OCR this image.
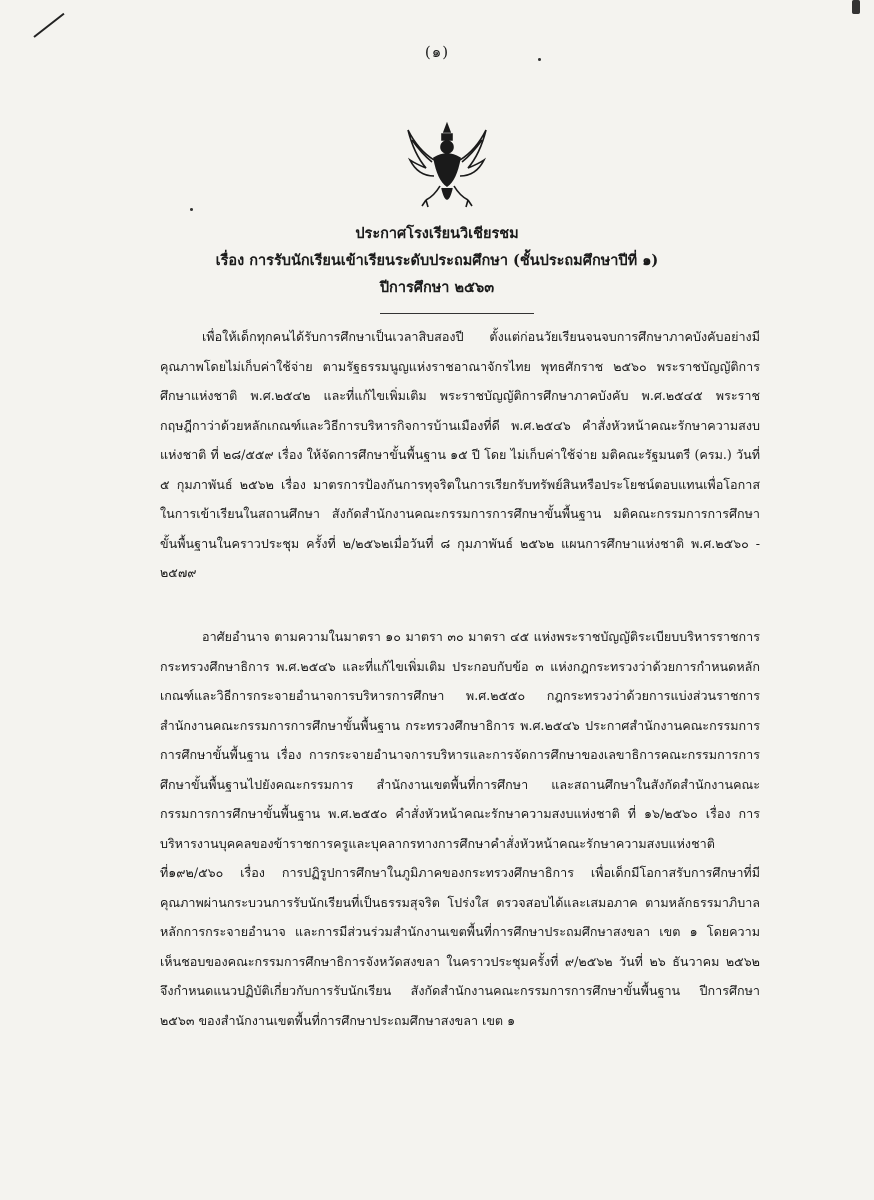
(๑)
ประกาศโรงเรียนวิเชียรชม
เรื่อง การรับนักเรียนเข้าเรียนระดับประถมศึกษา (ชั้นประถมศึกษาปีที่ ๑)
ปีการศึกษา ๒๕๖๓
เพื่อให้เด็กทุกคนได้รับการศึกษาเป็นเวลาสิบสองปี ตั้งแต่ก่อนวัยเรียนจนจบการศึกษาภาคบังคับอย่างมีคุณภาพโดยไม่เก็บค่าใช้จ่าย ตามรัฐธรรมนูญแห่งราชอาณาจักรไทย พุทธศักราช ๒๕๖๐ พระราชบัญญัติการศึกษาแห่งชาติ พ.ศ.๒๕๔๒ และที่แก้ไขเพิ่มเติม พระราชบัญญัติการศึกษาภาคบังคับ พ.ศ.๒๕๔๕ พระราชกฤษฎีกาว่าด้วยหลักเกณฑ์และวิธีการบริหารกิจการบ้านเมืองที่ดี พ.ศ.๒๕๔๖ คำสั่งหัวหน้าคณะรักษาความสงบแห่งชาติ ที่ ๒๘/๕๕๙ เรื่อง ให้จัดการศึกษาขั้นพื้นฐาน ๑๕ ปี โดย ไม่เก็บค่าใช้จ่าย มติคณะรัฐมนตรี (ครม.) วันที่ ๕ กุมภาพันธ์ ๒๕๖๒ เรื่อง มาตรการป้องกันการทุจริตในการเรียกรับทรัพย์สินหรือประโยชน์ตอบแทนเพื่อโอกาสในการเข้าเรียนในสถานศึกษา สังกัดสำนักงานคณะกรรมการการศึกษาขั้นพื้นฐาน มติคณะกรรมการการศึกษาขั้นพื้นฐานในคราวประชุม ครั้งที่ ๒/๒๕๖๒เมื่อวันที่ ๘ กุมภาพันธ์ ๒๕๖๒ แผนการศึกษาแห่งชาติ พ.ศ.๒๕๖๐ - ๒๕๗๙
อาศัยอำนาจ ตามความในมาตรา ๑๐ มาตรา ๓๐ มาตรา ๔๕ แห่งพระราชบัญญัติระเบียบบริหารราชการกระทรวงศึกษาธิการ พ.ศ.๒๕๔๖ และที่แก้ไขเพิ่มเติม ประกอบกับข้อ ๓ แห่งกฎกระทรวงว่าด้วยการกำหนดหลักเกณฑ์และวิธีการกระจายอำนาจการบริหารการศึกษา พ.ศ.๒๕๕๐ กฎกระทรวงว่าด้วยการแบ่งส่วนราชการ สำนักงานคณะกรรมการการศึกษาขั้นพื้นฐาน กระทรวงศึกษาธิการ พ.ศ.๒๕๔๖ ประกาศสำนักงานคณะกรรมการการศึกษาขั้นพื้นฐาน เรื่อง การกระจายอำนาจการบริหารและการจัดการศึกษาของเลขาธิการคณะกรรมการการศึกษาขั้นพื้นฐานไปยังคณะกรรมการ สำนักงานเขตพื้นที่การศึกษา และสถานศึกษาในสังกัดสำนักงานคณะกรรมการการศึกษาขั้นพื้นฐาน พ.ศ.๒๕๕๐ คำสั่งหัวหน้าคณะรักษาความสงบแห่งชาติ ที่ ๑๖/๒๕๖๐ เรื่อง การบริหารงานบุคคลของข้าราชการครูและบุคลากรทางการศึกษาคำสั่งหัวหน้าคณะรักษาความสงบแห่งชาติ ที่๑๙๒/๕๖๐ เรื่อง การปฏิรูปการศึกษาในภูมิภาคของกระทรวงศึกษาธิการ เพื่อเด็กมีโอกาสรับการศึกษาที่มีคุณภาพผ่านกระบวนการรับนักเรียนที่เป็นธรรมสุจริต โปร่งใส ตรวจสอบได้และเสมอภาค ตามหลักธรรมาภิบาล หลักการกระจายอำนาจ และการมีส่วนร่วมสำนักงานเขตพื้นที่การศึกษาประถมศึกษาสงขลา เขต ๑ โดยความเห็นชอบของคณะกรรมการศึกษาธิการจังหวัดสงขลา ในคราวประชุมครั้งที่ ๙/๒๕๖๒ วันที่ ๒๖ ธันวาคม ๒๕๖๒ จึงกำหนดแนวปฏิบัติเกี่ยวกับการรับนักเรียน สังกัดสำนักงานคณะกรรมการการศึกษาขั้นพื้นฐาน ปีการศึกษา ๒๕๖๓ ของสำนักงานเขตพื้นที่การศึกษาประถมศึกษาสงขลา เขต ๑
